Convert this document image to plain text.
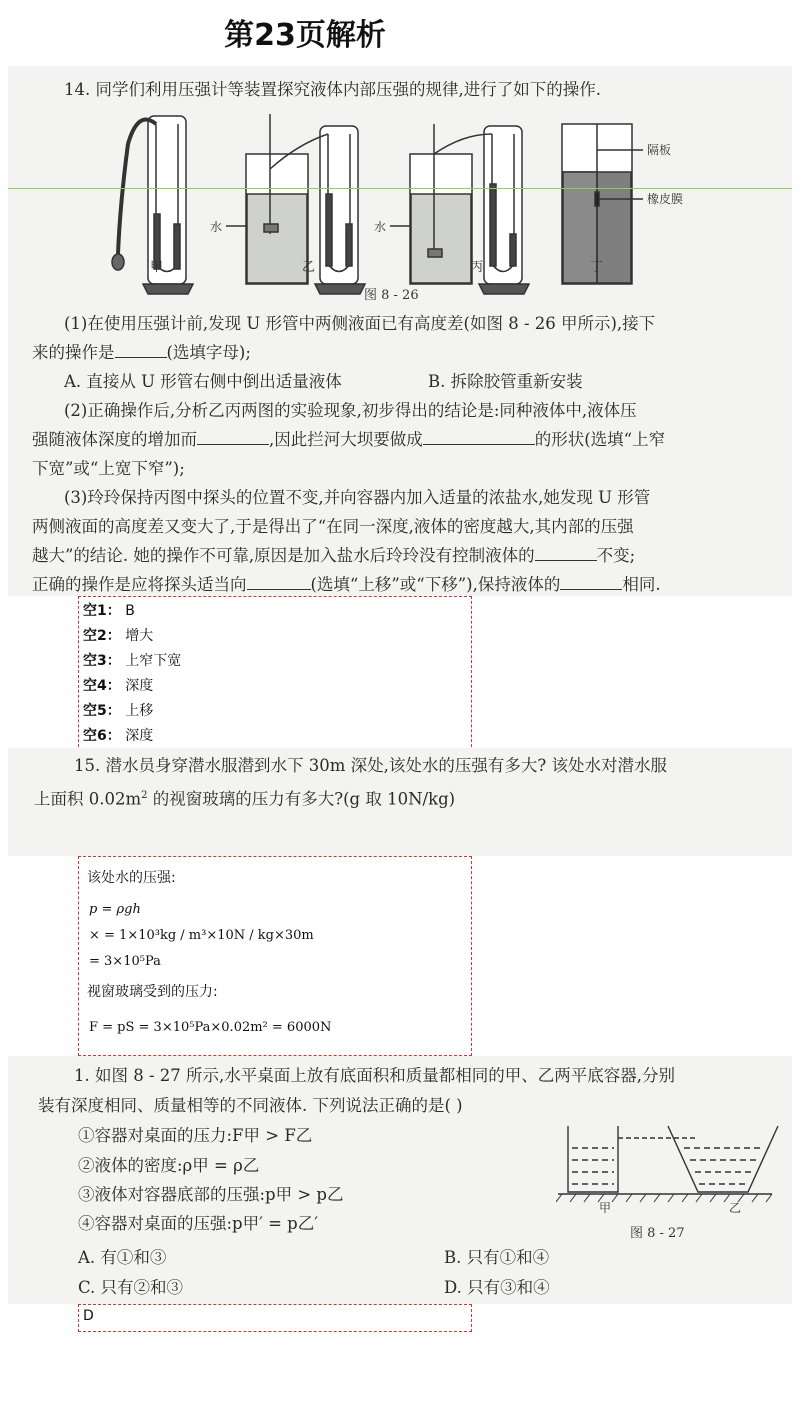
第23页解析
14. 同学们利用压强计等装置探究液体内部压强的规律,进行了如下的操作.
水	水
隔板
橡皮膜
甲	乙	丙	丁
图 8 - 26
(1)在使用压强计前,发现 U 形管中两侧液面已有高度差(如图 8 - 26 甲所示),接下
来的操作是	(选填字母);
A. 直接从 U 形管右侧中倒出适量液体	B. 拆除胶管重新安装
(2)正确操作后,分析乙丙两图的实验现象,初步得出的结论是:同种液体中,液体压
强随液体深度的增加而	,因此拦河大坝要做成	的形状(选填“上窄
下宽”或“上宽下窄”);
(3)玲玲保持丙图中探头的位置不变,并向容器内加入适量的浓盐水,她发现 U 形管
两侧液面的高度差又变大了,于是得出了“在同一深度,液体的密度越大,其内部的压强
越大”的结论. 她的操作不可靠,原因是加入盐水后玲玲没有控制液体的	不变;
正确的操作是应将探头适当向	(选填“上移”或“下移”),保持液体的	相同.
空1： B
空2： 增大
空3： 上窄下宽
空4： 深度
空5： 上移
空6： 深度
15. 潜水员身穿潜水服潜到水下 30m 深处,该处水的压强有多大? 该处水对潜水服
上面积 $0.02m^2$ 的视窗玻璃的压力有多大?(g 取 10N/kg)
该处水的压强:
p = ρgh
× = 1×10³kg / m³×10N / kg×30m
= 3×10⁵Pa
视窗玻璃受到的压力:
F = pS = 3×10⁵Pa×0.02m² = 6000N
1. 如图 8 - 27 所示,水平桌面上放有底面积和质量都相同的甲、乙两平底容器,分别
装有深度相同、质量相等的不同液体. 下列说法正确的是( )
①容器对桌面的压力:F甲 > F乙
②液体的密度:ρ甲 = ρ乙
③液体对容器底部的压强:p甲 > p乙
④容器对桌面的压强:p甲′ = p乙′
A. 有①和③	B. 只有①和④
C. 只有②和③	D. 只有③和④
甲	乙
图 8 - 27
D
